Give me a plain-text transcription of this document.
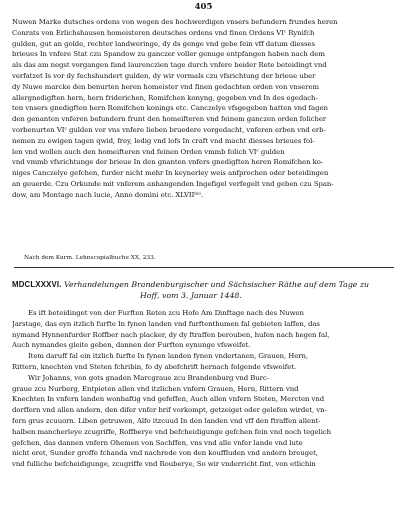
405
Nuwen Marke dutsches ordens von wegen des hochwerdigen vnsers befundern frundes heren
Conrats von Erlichshausen homeisteren deutsches ordens vnd finen Ordens VIᶜ Rynifch
gulden, gut an golde, rechter landweringe, dy ds genge vnd gebe fein vff datum diesses
brieues In vnfere Stat czu Spandow zu ganczer voller genuge entpfangen haben nach dem
als das am negst vorgangen fand laurenczien tage durch vnfere beider Rete beteidingt vnd
verfatzet Is vor dy fechshundert gulden, dy wir vormals czu vfsrichtung der brieue uber
dy Nuwe marcke den benurten heren homeister vnd finen gedachten orden von vnserem
allergnedigften hern, hern friderichen, Romifchen konyng, gegeben vnd In des egedach-
ten vnsers gnedigften hern Romifchen konings etc. Canczelye vfsgegeben hatten vnd fagen
den genanten vnferen befundern frunt den homeifteren vnd feinem ganczen orden folicher
vorbenurten VIᶜ gulden vor vns vnfere lieben bruedere vorgedacht, vnferen erben vnd erb-
nemen zu ewigen tagen qwid, frey, ledig vnd lofs In craft vnd macht diesses brieues fol-
len vnd wollen auch den homeifteren vnd feinen Orden vmmb folich VIᶜ gulden
vnd vmmb vfsrichtunge der brieue In den gnanten vnfers gnedigften heren Romifchen ko-
niges Canczelye gefchen, furder nicht mehr In keynerley weis anfprechen oder beteidingen
an geuerde. Czu Orkunde mit vnferem anhangenden Ingefigel verfegelt vnd geben czu Span-
dow, am Montage nach lucie, Anno domini etc. XLVIIᵐᵒ.
Nach dem Kurm. Lehnscopialbuche XX, 233.
MDCLXXXVI. Verhandelungen Brandenburgischer und Sächsischer Räthe auf dem Tage zu
Hoff, vom 3. Januar 1448.
Es ift beteidinget von der Furften Reten zcu Hofe Am Dinftage nach des Nuwen
Jarstage, das eyn itzlich furfte In fynen landen vnd furftenthumen fal gebieten laffen, das
nymand Hynnenfurder Roffber nach placker, dy dy ftraffen berouben, hufen nach hegen fal,
Auch nymandes gleite geben, dannen der Furften eynunge vfsweifet.
Item daruff fal ein itzlich furfte In fynen landen fynen vndertanen, Grauen, Hern,
Rittern, knechten vnd Steten fchribin, fo dy abefchrift hernach folgende vfsweifet.
Wir Johanns, von gots gnaden Marcgraue zcu Brandenburg vnd Burc-
graue zcu Nurberg, Entpieten allen vnd itzlichen vnfern Grauen, Hern, Rittern vnd
Knechten In vnfern landen wonhaftig vnd gefeffen, Auch allen vnfern Steten, Mercten vnd
dorffern vnd allen andern, den difer vnfer brif vorkompt, getzeiget oder gelefen wirdet, vn-
fern grus zcuuorn. Liben getruwen, Alfo itzcuud In den landen vnd vff den ftraffen allent-
halben mancherleye zcugriffe, Roffberye vnd befcheidigunge gefchen fein vnd noch tegelich
gefchen, das dannen vnfern Ohemen von Sachffen, vns vnd alle vnfer lande vnd lute
nicht eret, Sunder groffe fchanda vnd nachrede von den kouffluden vnd andern breuget,
vnd fulliche befcheidigunge, zcugriffe vnd Rouberye, So wir vnderricht fint, von etlichin
